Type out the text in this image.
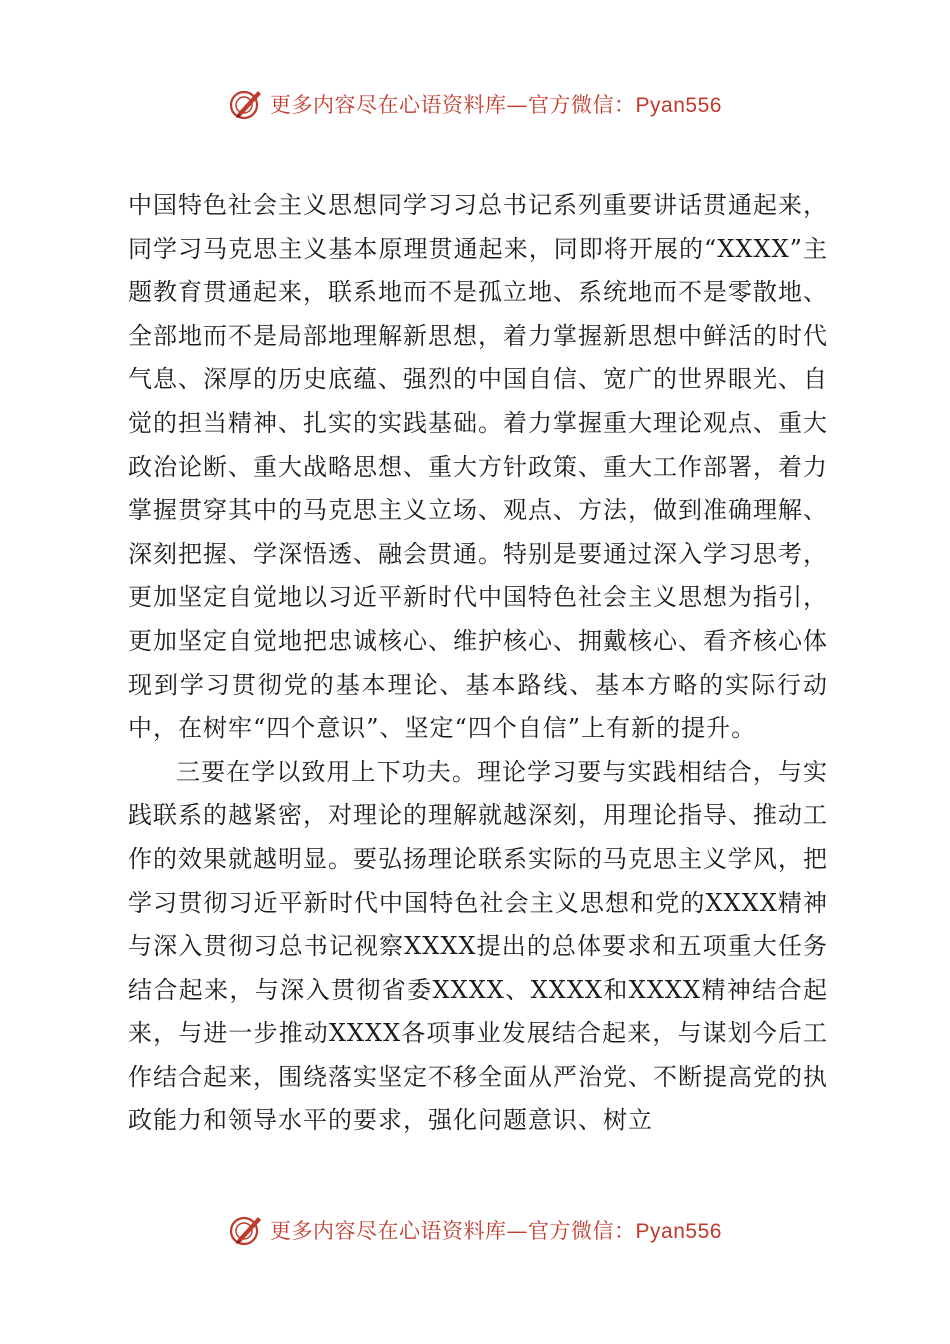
更多内容尽在心语资料库—官方微信：Pyan556

中国特色社会主义思想同学习习总书记系列重要讲话贯通起来，同学习马克思主义基本原理贯通起来，同即将开展的“XXXX”主题教育贯通起来，联系地而不是孤立地、系统地而不是零散地、全部地而不是局部地理解新思想，着力掌握新思想中鲜活的时代气息、深厚的历史底蕴、强烈的中国自信、宽广的世界眼光、自觉的担当精神、扎实的实践基础。着力掌握重大理论观点、重大政治论断、重大战略思想、重大方针政策、重大工作部署，着力掌握贯穿其中的马克思主义立场、观点、方法，做到准确理解、深刻把握、学深悟透、融会贯通。特别是要通过深入学习思考，更加坚定自觉地以习近平新时代中国特色社会主义思想为指引，更加坚定自觉地把忠诚核心、维护核心、拥戴核心、看齐核心体现到学习贯彻党的基本理论、基本路线、基本方略的实际行动中，在树牢“四个意识”、坚定“四个自信”上有新的提升。

三要在学以致用上下功夫。理论学习要与实践相结合，与实践联系的越紧密，对理论的理解就越深刻，用理论指导、推动工作的效果就越明显。要弘扬理论联系实际的马克思主义学风，把学习贯彻习近平新时代中国特色社会主义思想和党的XXXX精神与深入贯彻习总书记视察XXXX提出的总体要求和五项重大任务结合起来，与深入贯彻省委XXXX、XXXX和XXXX精神结合起来，与进一步推动XXXX各项事业发展结合起来，与谋划今后工作结合起来，围绕落实坚定不移全面从严治党、不断提高党的执政能力和领导水平的要求，强化问题意识、树立

更多内容尽在心语资料库—官方微信：Pyan556
